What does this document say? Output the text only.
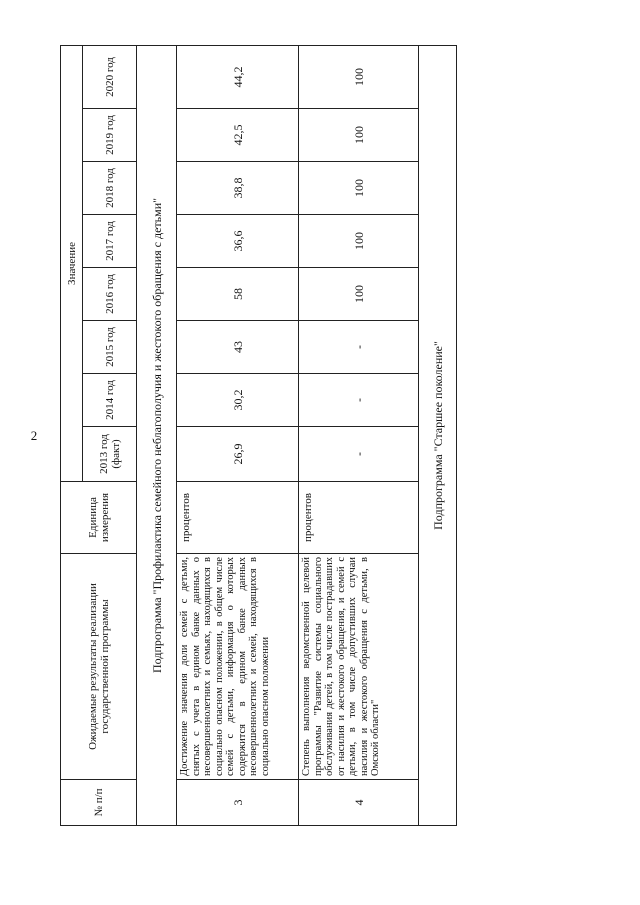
2
№ п/п	Ожидаемые результаты реализации государственной программы	Единица измерения	Значение							
			2013 год (факт)	2014 год	2015 год	2016 год	2017 год	2018 год	2019 год	2020 год
Подпрограмма "Профилактика семейного неблагополучия и жестокого обращения с детьми"										
3	Достижение значения доли семей с детьми, снятых с учета в едином банке данных о несовершеннолетних и семьях, находящихся в социально опасном положении, в общем числе семей с детьми, информация о которых содержится в едином банке данных несовершеннолетних и семей, находящихся в социально опасном положении	процентов	26,9	30,2	43	58	36,6	38,8	42,5	44,2
4	Степень выполнения ведомственной целевой программы "Развитие системы социального обслуживания детей, в том числе пострадавших от насилия и жестокого обращения, и семей с детьми, в том числе допустивших случаи насилия и жестокого обращения с детьми, в Омской области"	процентов	-	-	-	100	100	100	100	100
Подпрограмма "Старшее поколение"										
